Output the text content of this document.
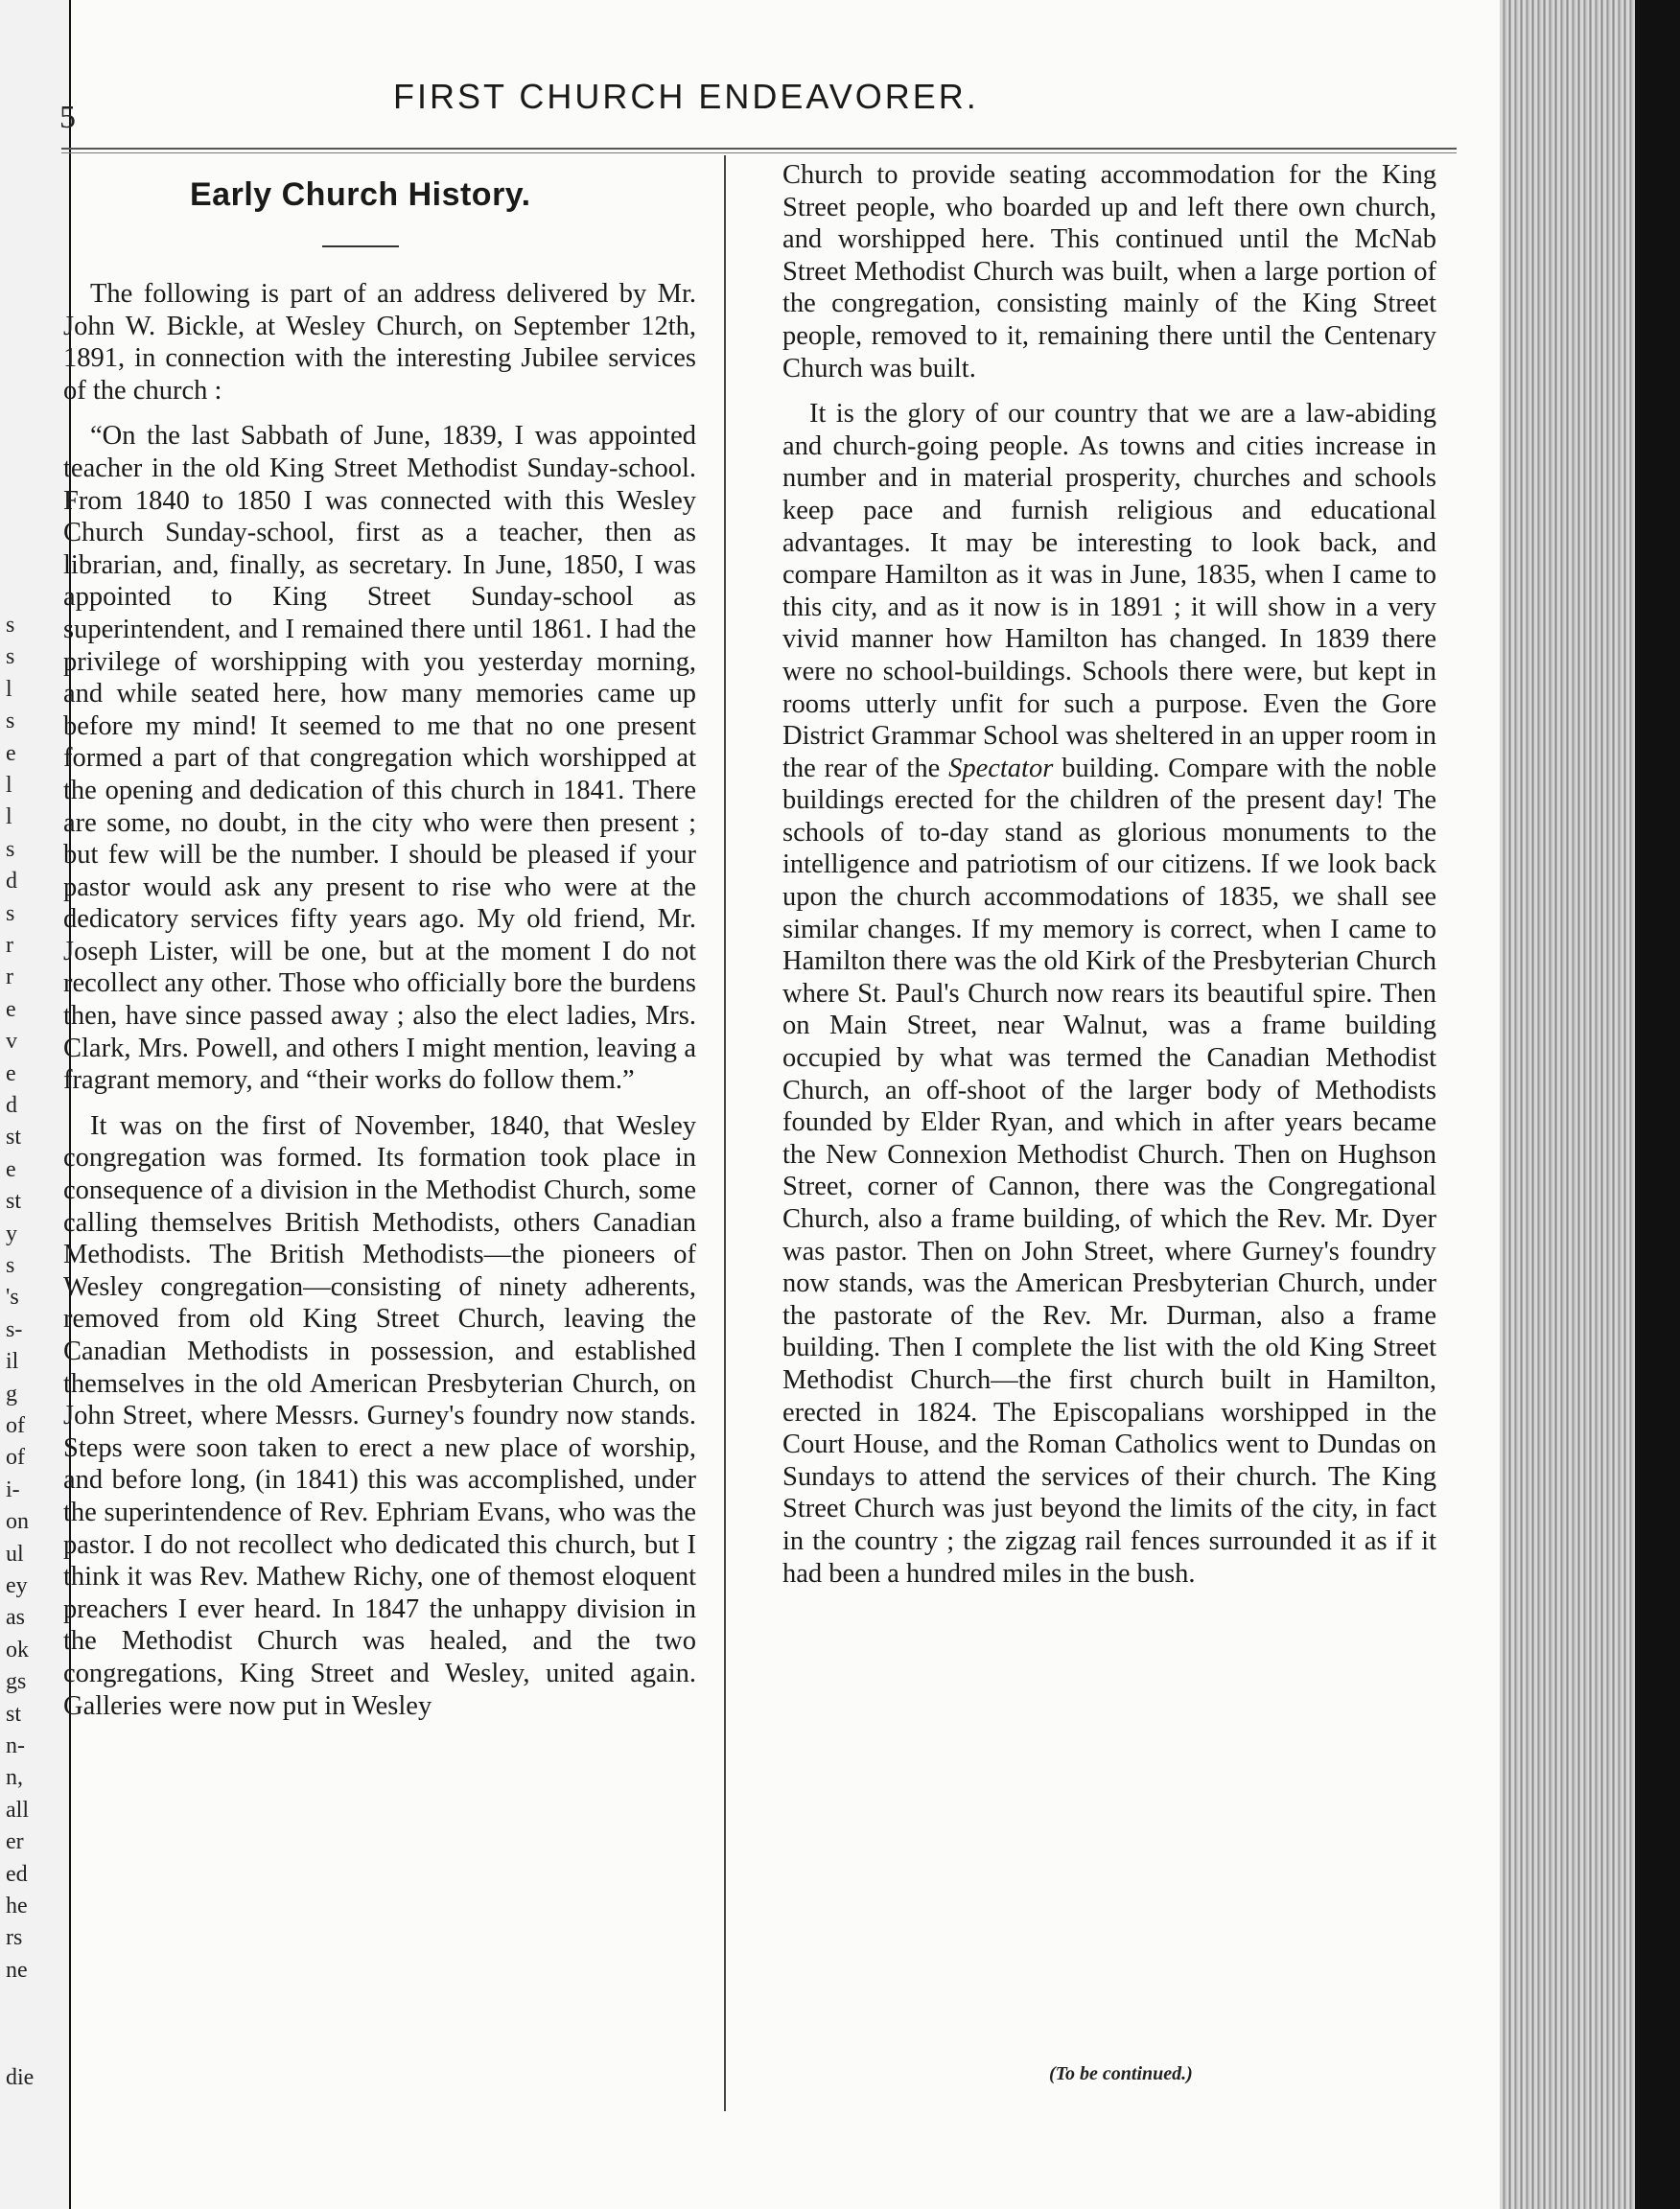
s
s
l
s
e
l
l
s
d
s
r
r
e
v
e
d
st
e
st
y
s
's
s-
il
g
of
of
i-
on
ul
ey
as
ok
gs
st
n-
n,
all
er
ed
he
rs
ne
die
5
FIRST CHURCH ENDEAVORER.
Early Church History.

The following is part of an address delivered by Mr. John W. Bickle, at Wesley Church, on September 12th, 1891, in connection with the interesting Jubilee services of the church :

“On the last Sabbath of June, 1839, I was appointed teacher in the old King Street Methodist Sunday-school. From 1840 to 1850 I was connected with this Wesley Church Sunday-school, first as a teacher, then as librarian, and, finally, as secretary. In June, 1850, I was appointed to King Street Sunday-school as superintendent, and I remained there until 1861. I had the privilege of worshipping with you yesterday morning, and while seated here, how many memories came up before my mind! It seemed to me that no one present formed a part of that congregation which worshipped at the opening and dedication of this church in 1841. There are some, no doubt, in the city who were then present ; but few will be the number. I should be pleased if your pastor would ask any present to rise who were at the dedicatory services fifty years ago. My old friend, Mr. Joseph Lister, will be one, but at the moment I do not recollect any other. Those who officially bore the burdens then, have since passed away ; also the elect ladies, Mrs. Clark, Mrs. Powell, and others I might mention, leaving a fragrant memory, and “their works do follow them.”

It was on the first of November, 1840, that Wesley congregation was formed. Its formation took place in consequence of a division in the Methodist Church, some calling themselves British Methodists, others Canadian Methodists. The British Methodists—the pioneers of Wesley congregation—consisting of ninety adherents, removed from old King Street Church, leaving the Canadian Methodists in possession, and established themselves in the old American Presbyterian Church, on John Street, where Messrs. Gurney's foundry now stands. Steps were soon taken to erect a new place of worship, and before long, (in 1841) this was accomplished, under the superintendence of Rev. Ephriam Evans, who was the pastor. I do not recollect who dedicated this church, but I think it was Rev. Mathew Richy, one of themost eloquent preachers I ever heard. In 1847 the unhappy division in the Methodist Church was healed, and the two congregations, King Street and Wesley, united again. Galleries were now put in Wesley

Church to provide seating accommodation for the King Street people, who boarded up and left there own church, and worshipped here. This continued until the McNab Street Methodist Church was built, when a large portion of the congregation, consisting mainly of the King Street people, removed to it, remaining there until the Centenary Church was built.

It is the glory of our country that we are a law-abiding and church-going people. As towns and cities increase in number and in material prosperity, churches and schools keep pace and furnish religious and educational advantages. It may be interesting to look back, and compare Hamilton as it was in June, 1835, when I came to this city, and as it now is in 1891 ; it will show in a very vivid manner how Hamilton has changed. In 1839 there were no school-buildings. Schools there were, but kept in rooms utterly unfit for such a purpose. Even the Gore District Grammar School was sheltered in an upper room in the rear of the Spectator building. Compare with the noble buildings erected for the children of the present day! The schools of to-day stand as glorious monuments to the intelligence and patriotism of our citizens. If we look back upon the church accommodations of 1835, we shall see similar changes. If my memory is correct, when I came to Hamilton there was the old Kirk of the Presbyterian Church where St. Paul's Church now rears its beautiful spire. Then on Main Street, near Walnut, was a frame building occupied by what was termed the Canadian Methodist Church, an off-shoot of the larger body of Methodists founded by Elder Ryan, and which in after years became the New Connexion Methodist Church. Then on Hughson Street, corner of Cannon, there was the Congregational Church, also a frame building, of which the Rev. Mr. Dyer was pastor. Then on John Street, where Gurney's foundry now stands, was the American Presbyterian Church, under the pastorate of the Rev. Mr. Durman, also a frame building. Then I complete the list with the old King Street Methodist Church—the first church built in Hamilton, erected in 1824. The Episcopalians worshipped in the Court House, and the Roman Catholics went to Dundas on Sundays to attend the services of their church. The King Street Church was just beyond the limits of the city, in fact in the country ; the zigzag rail fences surrounded it as if it had been a hundred miles in the bush.

(To be continued.)
